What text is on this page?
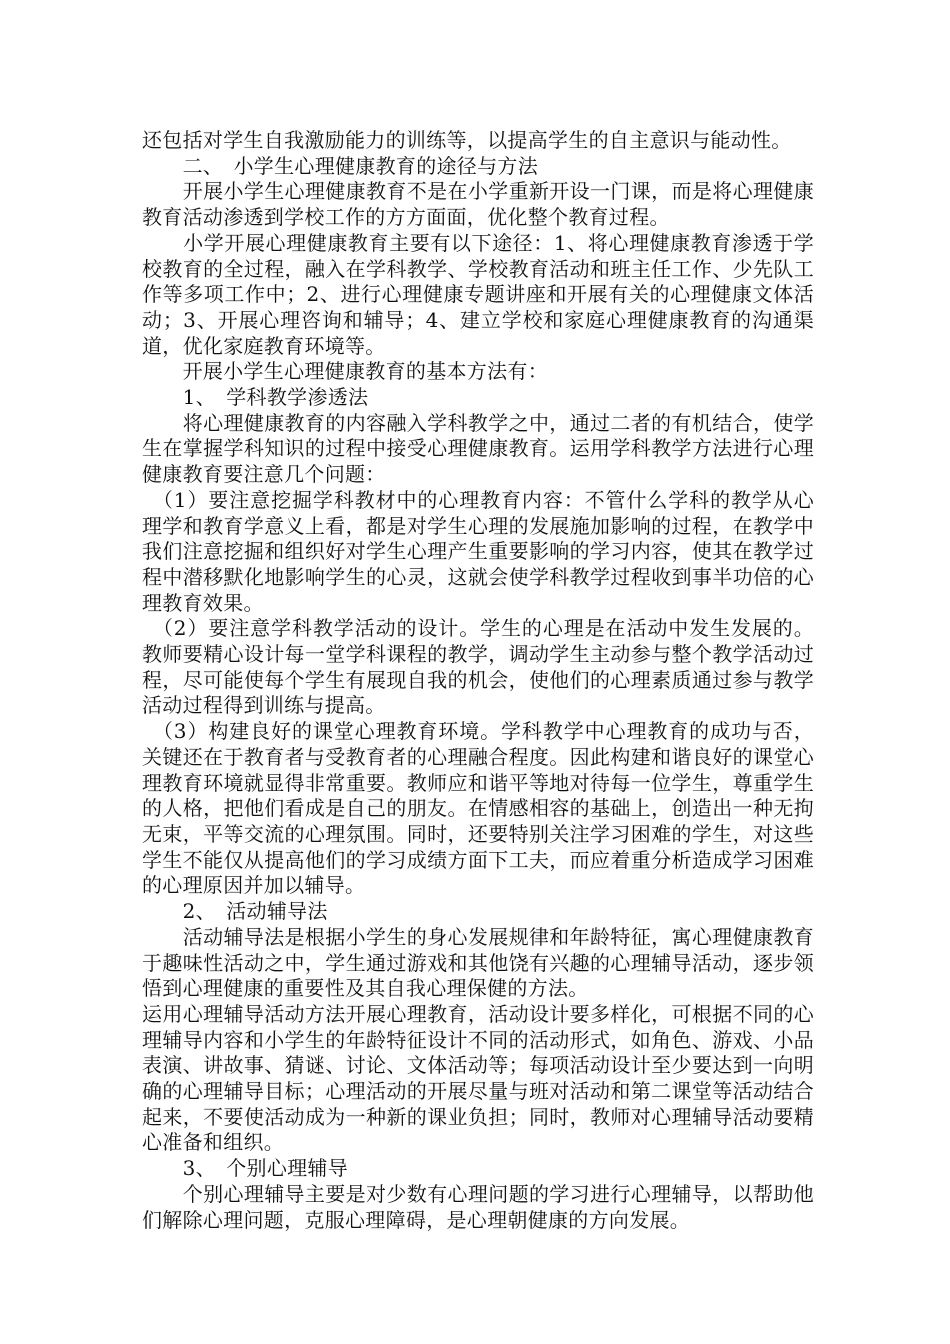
还包括对学生自我激励能力的训练等，以提高学生的自主意识与能动性。

　　二、　小学生心理健康教育的途径与方法

　　开展小学生心理健康教育不是在小学重新开设一门课，而是将心理健康教育活动渗透到学校工作的方方面面，优化整个教育过程。

　　小学开展心理健康教育主要有以下途径：1、将心理健康教育渗透于学校教育的全过程，融入在学科教学、学校教育活动和班主任工作、少先队工作等多项工作中；2、进行心理健康专题讲座和开展有关的心理健康文体活动；3、开展心理咨询和辅导；4、建立学校和家庭心理健康教育的沟通渠道，优化家庭教育环境等。

　　开展小学生心理健康教育的基本方法有：

　　1、　学科教学渗透法

　　将心理健康教育的内容融入学科教学之中，通过二者的有机结合，使学生在掌握学科知识的过程中接受心理健康教育。运用学科教学方法进行心理健康教育要注意几个问题：

　（1）要注意挖掘学科教材中的心理教育内容：不管什么学科的教学从心理学和教育学意义上看，都是对学生心理的发展施加影响的过程，在教学中我们注意挖掘和组织好对学生心理产生重要影响的学习内容，使其在教学过程中潜移默化地影响学生的心灵，这就会使学科教学过程收到事半功倍的心理教育效果。

　（2）要注意学科教学活动的设计。学生的心理是在活动中发生发展的。教师要精心设计每一堂学科课程的教学，调动学生主动参与整个教学活动过程，尽可能使每个学生有展现自我的机会，使他们的心理素质通过参与教学活动过程得到训练与提高。

　（3）构建良好的课堂心理教育环境。学科教学中心理教育的成功与否，关键还在于教育者与受教育者的心理融合程度。因此构建和谐良好的课堂心理教育环境就显得非常重要。教师应和谐平等地对待每一位学生，尊重学生的人格，把他们看成是自己的朋友。在情感相容的基础上，创造出一种无拘无束，平等交流的心理氛围。同时，还要特别关注学习困难的学生，对这些学生不能仅从提高他们的学习成绩方面下工夫，而应着重分析造成学习困难的心理原因并加以辅导。

　　2、　活动辅导法

　　活动辅导法是根据小学生的身心发展规律和年龄特征，寓心理健康教育于趣味性活动之中，学生通过游戏和其他饶有兴趣的心理辅导活动，逐步领悟到心理健康的重要性及其自我心理保健的方法。

运用心理辅导活动方法开展心理教育，活动设计要多样化，可根据不同的心理辅导内容和小学生的年龄特征设计不同的活动形式，如角色、游戏、小品表演、讲故事、猜谜、讨论、文体活动等；每项活动设计至少要达到一向明确的心理辅导目标；心理活动的开展尽量与班对活动和第二课堂等活动结合起来，不要使活动成为一种新的课业负担；同时，教师对心理辅导活动要精心准备和组织。

　　3、　个别心理辅导

　　个别心理辅导主要是对少数有心理问题的学习进行心理辅导，以帮助他们解除心理问题，克服心理障碍，是心理朝健康的方向发展。
